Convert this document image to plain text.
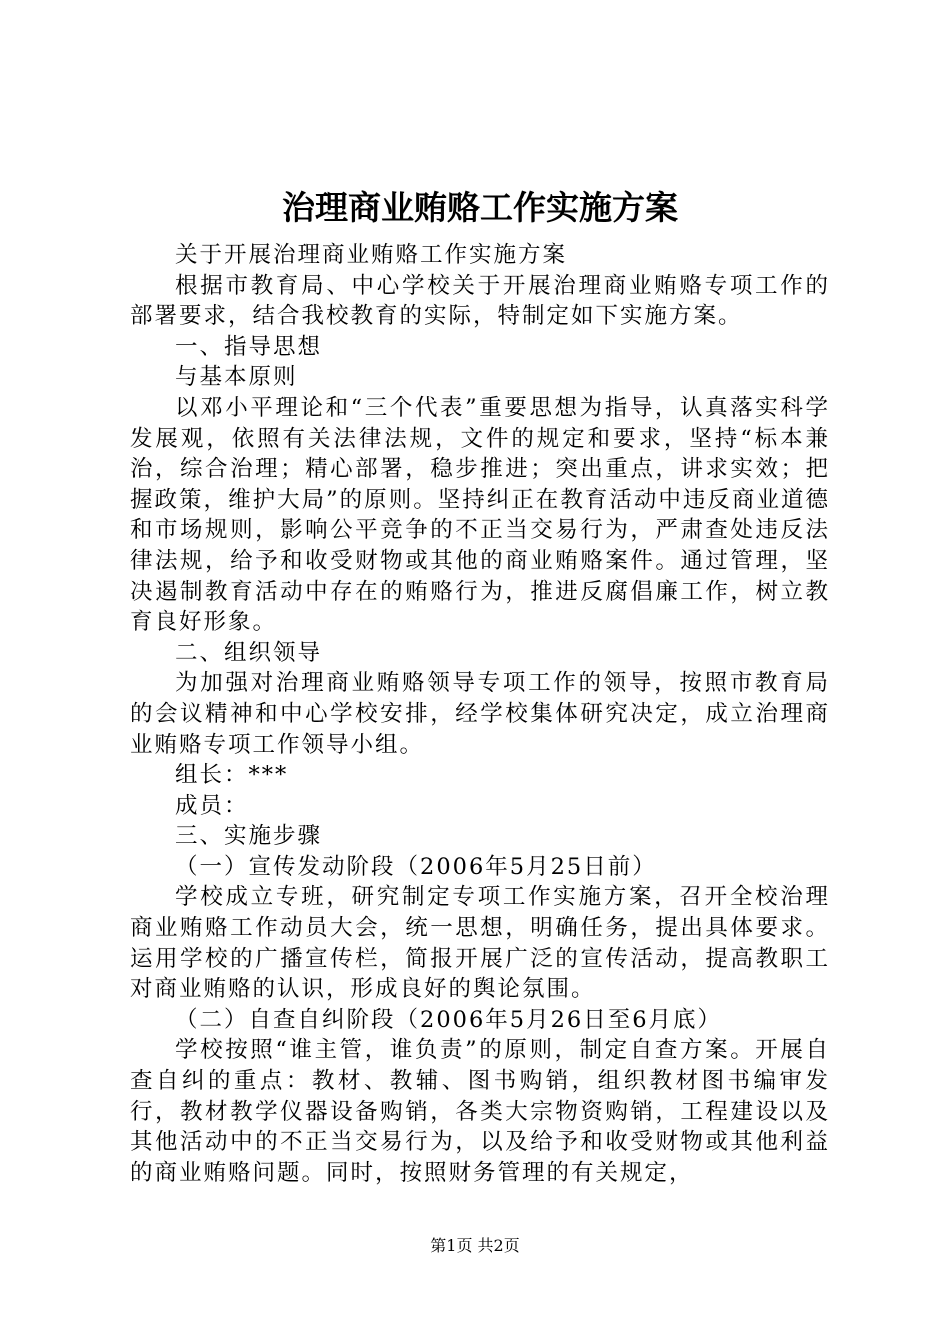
治理商业贿赂工作实施方案

关于开展治理商业贿赂工作实施方案

根据市教育局、中心学校关于开展治理商业贿赂专项工作的部署要求，结合我校教育的实际，特制定如下实施方案。

一、指导思想

与基本原则

以邓小平理论和“三个代表”重要思想为指导，认真落实科学发展观，依照有关法律法规，文件的规定和要求，坚持“标本兼治，综合治理；精心部署，稳步推进；突出重点，讲求实效；把握政策，维护大局”的原则。坚持纠正在教育活动中违反商业道德和市场规则，影响公平竞争的不正当交易行为，严肃查处违反法律法规，给予和收受财物或其他的商业贿赂案件。通过管理，坚决遏制教育活动中存在的贿赂行为，推进反腐倡廉工作，树立教育良好形象。

二、组织领导

为加强对治理商业贿赂领导专项工作的领导，按照市教育局的会议精神和中心学校安排，经学校集体研究决定，成立治理商业贿赂专项工作领导小组。

组长：***

成员：

三、实施步骤

（一）宣传发动阶段（2006年5月25日前）

学校成立专班，研究制定专项工作实施方案，召开全校治理商业贿赂工作动员大会，统一思想，明确任务，提出具体要求。运用学校的广播宣传栏，简报开展广泛的宣传活动，提高教职工对商业贿赂的认识，形成良好的舆论氛围。

（二）自查自纠阶段（2006年5月26日至6月底）

学校按照“谁主管，谁负责”的原则，制定自查方案。开展自查自纠的重点：教材、教辅、图书购销，组织教材图书编审发行，教材教学仪器设备购销，各类大宗物资购销，工程建设以及其他活动中的不正当交易行为，以及给予和收受财物或其他利益的商业贿赂问题。同时，按照财务管理的有关规定，

第1页 共2页
